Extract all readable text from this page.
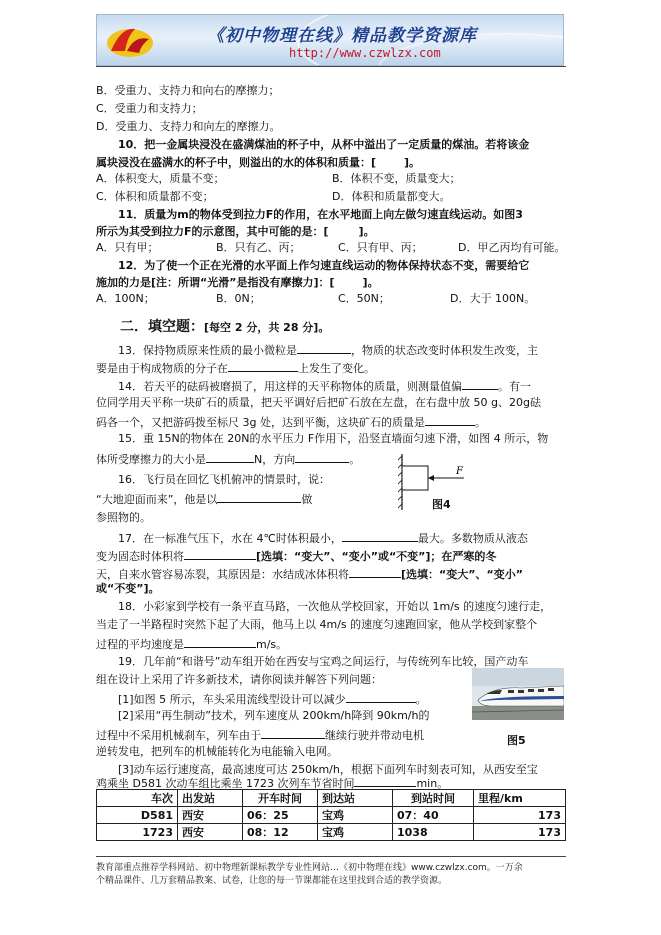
《初中物理在线》精品教学资源库
http://www.czwlzx.com
B．受重力、支持力和向右的摩擦力；
C．受重力和支持力；
D．受重力、支持力和向左的摩擦力。
10．把一金属块浸没在盛满煤油的杯子中，从杯中溢出了一定质量的煤油。若将该金
属块浸没在盛满水的杯子中，则溢出的水的体积和质量：[	]。
A．体积变大，质量不变；	B．体积不变，质量变大；
C．体积和质量都不变；	D．体积和质量都变大。
11．质量为m的物体受到拉力F的作用，在水平地面上向左做匀速直线运动。如图3
所示为其受到拉力F的示意图，其中可能的是：[	]。
A．只有甲；	B．只有乙、丙；	C．只有甲、丙；	D．甲乙丙均有可能。
12．为了使一个正在光滑的水平面上作匀速直线运动的物体保持状态不变，需要给它
施加的力是[注：所谓“光滑”是指没有摩擦力]：[	]。
A．100N；	B．0N；	C．50N；	D．大于 100N。
二．填空题：[每空 2 分，共 28 分]。
13．保持物质原来性质的最小微粒是	，物质的状态改变时体积发生改变，主
要是由于构成物质的分子在	上发生了变化。
14．若天平的砝码被磨损了，用这样的天平称物体的质量，则测量值偏	。有一
位同学用天平称一块矿石的质量，把天平调好后把矿石放在左盘，在右盘中放 50 g、20g砝
码各一个，又把游码拨至标尺 3g 处，达到平衡，这块矿石的质量是	。
15．重 15N的物体在 20N的水平压力 F作用下，沿竖直墙面匀速下滑，如图 4 所示，物
体所受摩擦力的大小是	N，方向	。
F
图4
16．飞行员在回忆飞机俯冲的情景时，说：
“大地迎面而来”，他是以	做
参照物的。
17．在一标准气压下，水在 4℃时体积最小，	最大。多数物质从液态
变为固态时体积将	[选填：“变大”、“变小”或“不变”]；在严寒的冬
天，自来水管容易冻裂，其原因是：水结成冰体积将	[选填：“变大”、“变小”
或“不变”]。
18．小彩家到学校有一条平直马路，一次他从学校回家，开始以 1m/s 的速度匀速行走，
当走了一半路程时突然下起了大雨，他马上以 4m/s 的速度匀速跑回家，他从学校到家整个
过程的平均速度是	m/s。
19．几年前“和谐号”动车组开始在西安与宝鸡之间运行，与传统列车比较，国产动车
组在设计上采用了许多新技术，请你阅读并解答下列问题：
[1]如图 5 所示，车头采用流线型设计可以减少	。
[2]采用“再生制动”技术，列车速度从 200km/h降到 90km/h的
过程中不采用机械刹车，列车由于	继续行驶并带动电机
逆转发电，把列车的机械能转化为电能输入电网。
[3]动车运行速度高，最高速度可达 250km/h，根据下面列车时刻表可知，从西安至宝
鸡乘坐 D581 次动车组比乘坐 1723 次列车节省时间	min。
图5
车次	出发站	开车时间	到达站	到站时间	里程/km
D581	西安	06：25	宝鸡	07：40	173
1723	西安	08：12	宝鸡	1038	173
教育部重点推荐学科网站、初中物理新课标教学专业性网站…《初中物理在线》www.czwlzx.com。一万余
个精品课件、几万套精品教案、试卷，让您的每一节课都能在这里找到合适的教学资源。
